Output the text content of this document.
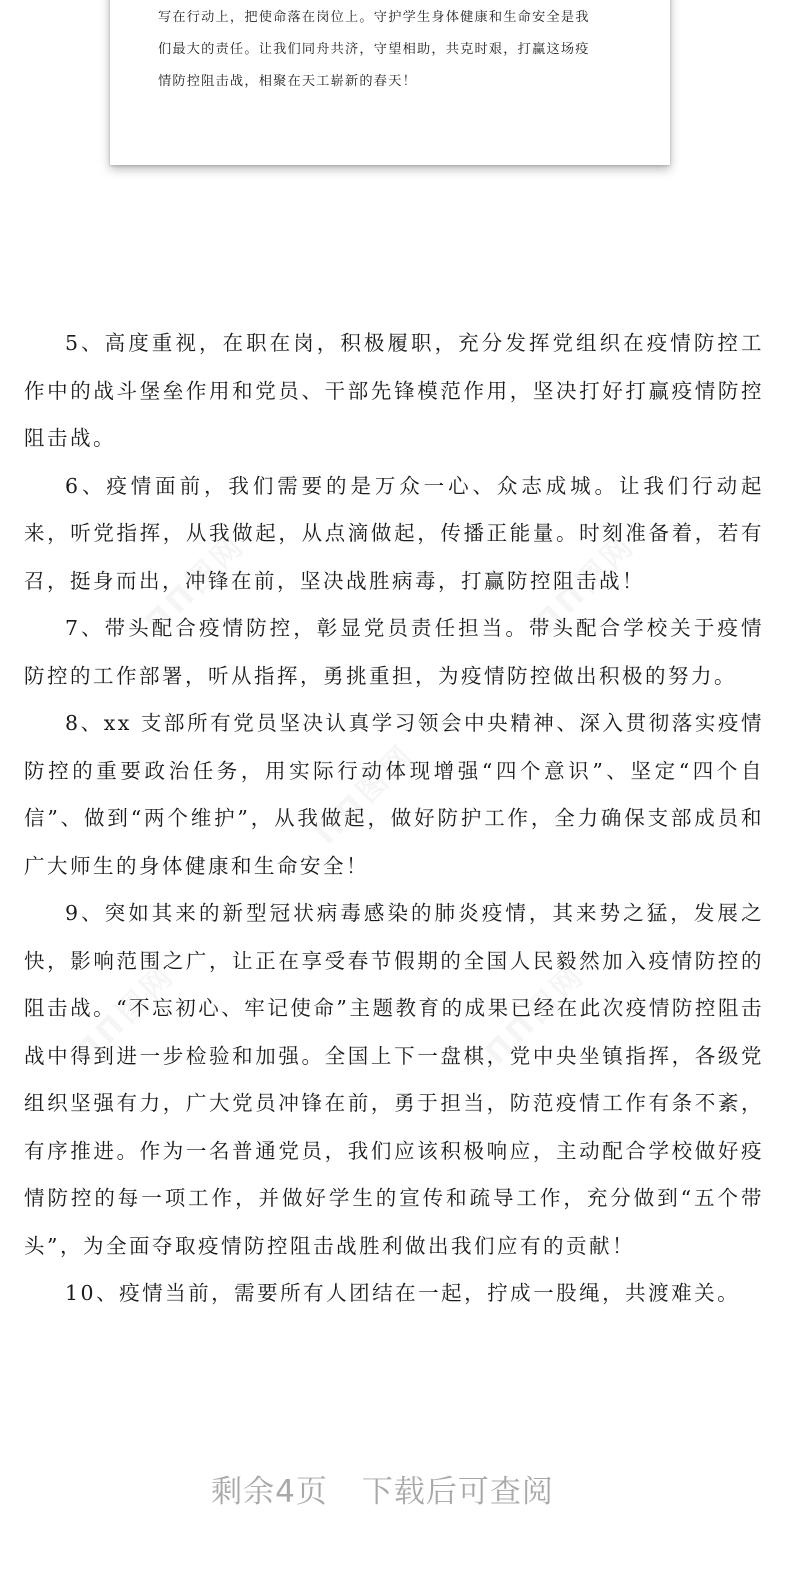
写在行动上，把使命落在岗位上。守护学生身体健康和生命安全是我

们最大的责任。让我们同舟共济，守望相助，共克时艰，打赢这场疫

情防控阻击战，相聚在天工崭新的春天！

ΠΠ图网	ΠΠ图网
ΠΠ图网
ΠΠ图网	ΠΠ图网

5、高度重视，在职在岗，积极履职，充分发挥党组织在疫情防控工作中的战斗堡垒作用和党员、干部先锋模范作用，坚决打好打赢疫情防控阻击战。

6、疫情面前，我们需要的是万众一心、众志成城。让我们行动起来，听党指挥，从我做起，从点滴做起，传播正能量。时刻准备着，若有召，挺身而出，冲锋在前，坚决战胜病毒，打赢防控阻击战！

7、带头配合疫情防控，彰显党员责任担当。带头配合学校关于疫情防控的工作部署，听从指挥，勇挑重担，为疫情防控做出积极的努力。

8、xx 支部所有党员坚决认真学习领会中央精神、深入贯彻落实疫情防控的重要政治任务，用实际行动体现增强“四个意识”、坚定“四个自信”、做到“两个维护”，从我做起，做好防护工作，全力确保支部成员和广大师生的身体健康和生命安全！

9、突如其来的新型冠状病毒感染的肺炎疫情，其来势之猛，发展之快，影响范围之广，让正在享受春节假期的全国人民毅然加入疫情防控的阻击战。“不忘初心、牢记使命”主题教育的成果已经在此次疫情防控阻击战中得到进一步检验和加强。全国上下一盘棋，党中央坐镇指挥，各级党组织坚强有力，广大党员冲锋在前，勇于担当，防范疫情工作有条不紊，有序推进。作为一名普通党员，我们应该积极响应，主动配合学校做好疫情防控的每一项工作，并做好学生的宣传和疏导工作，充分做到“五个带头”，为全面夺取疫情防控阻击战胜利做出我们应有的贡献！

10、疫情当前，需要所有人团结在一起，拧成一股绳，共渡难关。

剩余4页 下载后可查阅
